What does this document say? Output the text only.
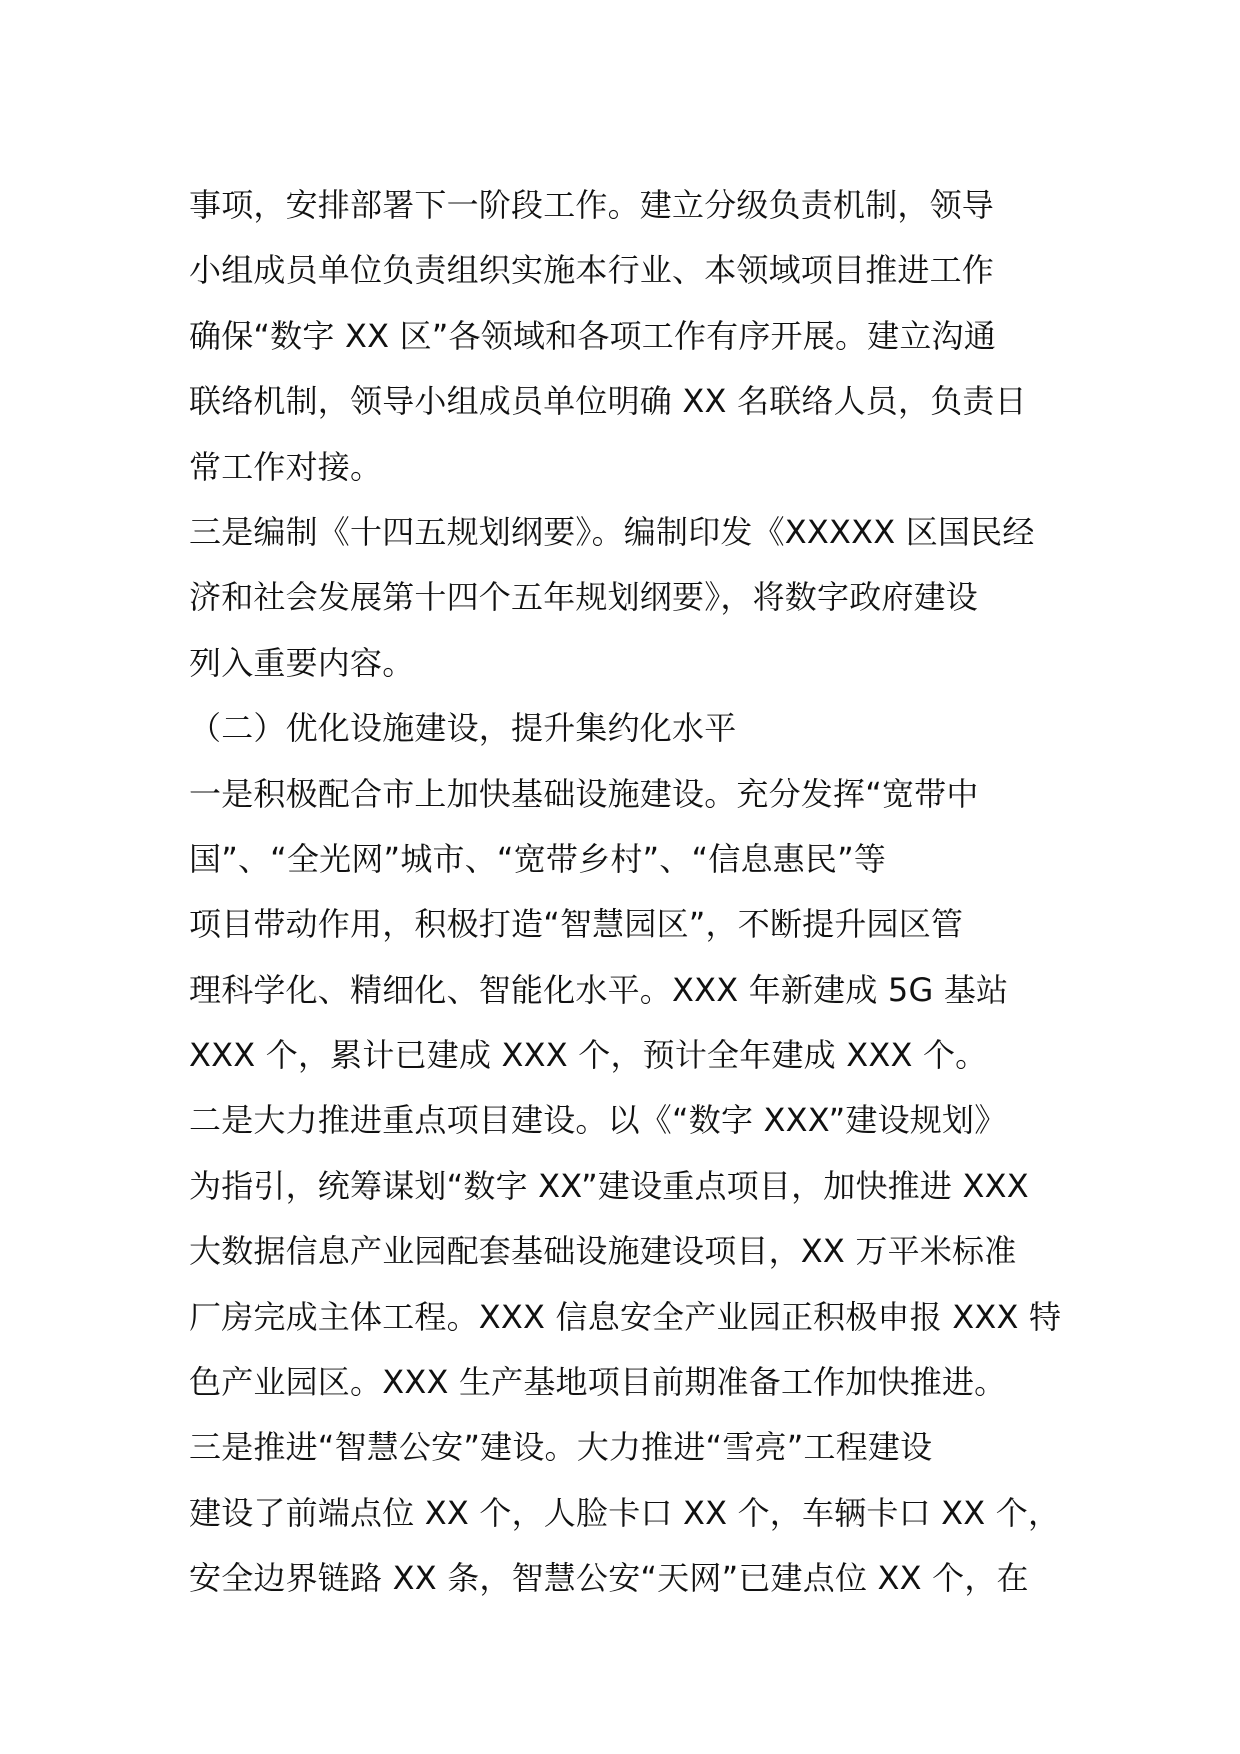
事项，安排部署下一阶段工作。建立分级负责机制，领导
小组成员单位负责组织实施本行业、本领域项目推进工作
确保“数字 XX 区”各领域和各项工作有序开展。建立沟通
联络机制，领导小组成员单位明确 XX 名联络人员，负责日
常工作对接。
三是编制《十四五规划纲要》。编制印发《XXXXX 区国民经
济和社会发展第十四个五年规划纲要》，将数字政府建设
列入重要内容。
（二）优化设施建设，提升集约化水平
一是积极配合市上加快基础设施建设。充分发挥“宽带中
国”、“全光网”城市、“宽带乡村”、“信息惠民”等
项目带动作用，积极打造“智慧园区”，不断提升园区管
理科学化、精细化、智能化水平。XXX 年新建成 5G 基站
XXX 个，累计已建成 XXX 个，预计全年建成 XXX 个。
二是大力推进重点项目建设。以《“数字 XXX”建设规划》
为指引，统筹谋划“数字 XX”建设重点项目，加快推进 XXX
大数据信息产业园配套基础设施建设项目，XX 万平米标准
厂房完成主体工程。XXX 信息安全产业园正积极申报 XXX 特
色产业园区。XXX 生产基地项目前期准备工作加快推进。
三是推进“智慧公安”建设。大力推进“雪亮”工程建设
建设了前端点位 XX 个，人脸卡口 XX 个，车辆卡口 XX 个，
安全边界链路 XX 条，智慧公安“天网”已建点位 XX 个，在
